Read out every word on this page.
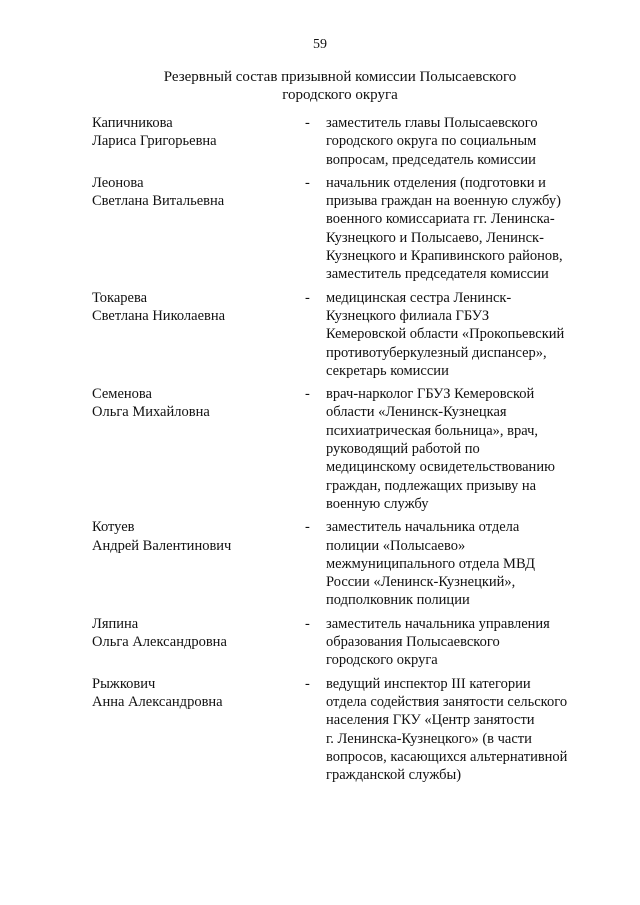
59
Резервный состав призывной комиссии Полысаевского
городского округа
Капичникова
Лариса Григорьевна
- заместитель главы Полысаевского
городского округа по социальным
вопросам, председатель комиссии
Леонова
Светлана Витальевна
- начальник отделения (подготовки и
призыва граждан на военную службу)
военного комиссариата гг. Ленинска-
Кузнецкого и Полысаево, Ленинск-
Кузнецкого и Крапивинского районов,
заместитель председателя комиссии
Токарева
Светлана Николаевна
- медицинская сестра Ленинск-
Кузнецкого филиала ГБУЗ
Кемеровской области «Прокопьевский
противотуберкулезный диспансер»,
секретарь комиссии
Семенова
Ольга Михайловна
- врач-нарколог ГБУЗ Кемеровской
области «Ленинск-Кузнецкая
психиатрическая больница», врач,
руководящий работой по
медицинскому освидетельствованию
граждан, подлежащих призыву на
военную службу
Котуев
Андрей Валентинович
- заместитель начальника отдела
полиции «Полысаево»
межмуниципального отдела МВД
России «Ленинск-Кузнецкий»,
подполковник полиции
Ляпина
Ольга Александровна
- заместитель начальника управления
образования Полысаевского
городского округа
Рыжкович
Анна Александровна
- ведущий инспектор III категории
отдела содействия занятости сельского
населения ГКУ «Центр занятости
г. Ленинска-Кузнецкого» (в части
вопросов, касающихся альтернативной
гражданской службы)
